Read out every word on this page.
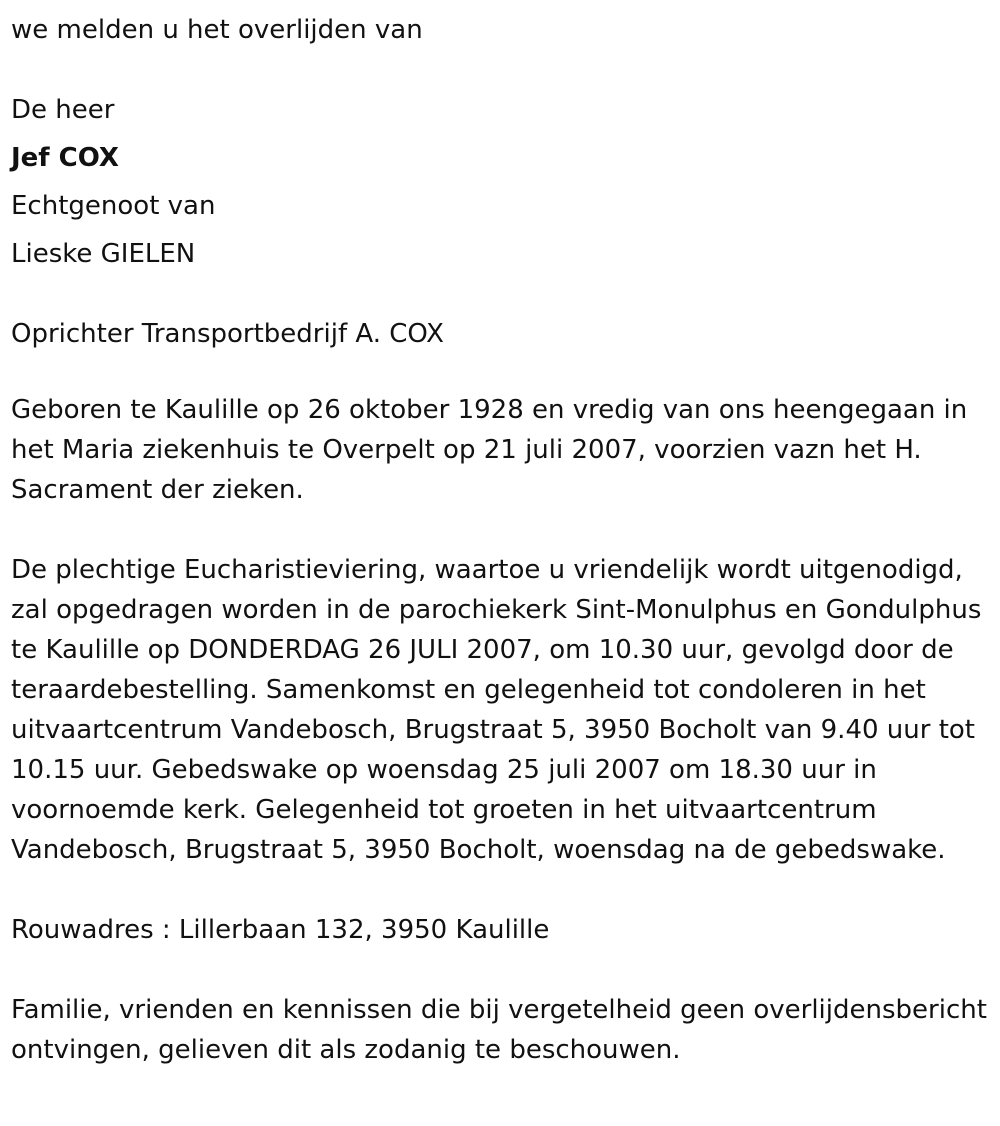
we melden u het overlijden van

De heer

Jef COX

Echtgenoot van

Lieske GIELEN

Oprichter Transportbedrijf A. COX

Geboren te Kaulille op 26 oktober 1928 en vredig van ons heengegaan in het Maria ziekenhuis te Overpelt op 21 juli 2007, voorzien vazn het H. Sacrament der zieken.

De plechtige Eucharistieviering, waartoe u vriendelijk wordt uitgenodigd, zal opgedragen worden in de parochiekerk Sint-Monulphus en Gondulphus te Kaulille op DONDERDAG 26 JULI 2007, om 10.30 uur, gevolgd door de teraardebestelling. Samenkomst en gelegenheid tot condoleren in het uitvaartcentrum Vandebosch, Brugstraat 5, 3950 Bocholt van 9.40 uur tot 10.15 uur. Gebedswake op woensdag 25 juli 2007 om 18.30 uur in voornoemde kerk. Gelegenheid tot groeten in het uitvaartcentrum Vandebosch, Brugstraat 5, 3950 Bocholt, woensdag na de gebedswake.

Rouwadres : Lillerbaan 132, 3950 Kaulille

Familie, vrienden en kennissen die bij vergetelheid geen overlijdensbericht ontvingen, gelieven dit als zodanig te beschouwen.
